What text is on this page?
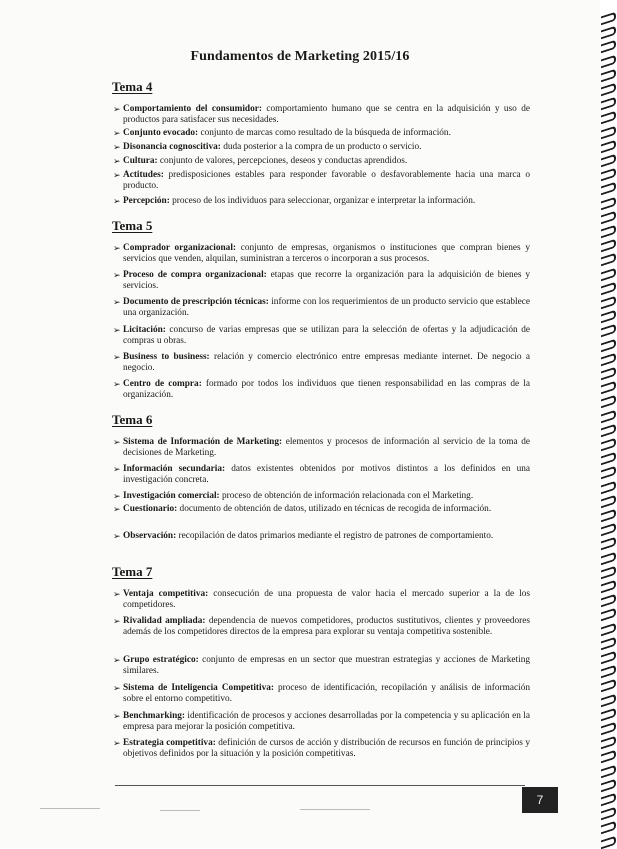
Fundamentos de Marketing 2015/16
Tema 4
➢ Comportamiento del consumidor: comportamiento humano que se centra en la adquisición y uso de productos para satisfacer sus necesidades.
➢ Conjunto evocado: conjunto de marcas como resultado de la búsqueda de información.
➢ Disonancia cognoscitiva: duda posterior a la compra de un producto o servicio.
➢ Cultura: conjunto de valores, percepciones, deseos y conductas aprendidos.
➢ Actitudes: predisposiciones estables para responder favorable o desfavorablemente hacia una marca o producto.
➢ Percepción: proceso de los individuos para seleccionar, organizar e interpretar la información.
Tema 5
➢ Comprador organizacional: conjunto de empresas, organismos o instituciones que compran bienes y servicios que venden, alquilan, suministran a terceros o incorporan a sus procesos.
➢ Proceso de compra organizacional: etapas que recorre la organización para la adquisición de bienes y servicios.
➢ Documento de prescripción técnicas: informe con los requerimientos de un producto servicio que establece una organización.
➢ Licitación: concurso de varias empresas que se utilizan para la selección de ofertas y la adjudicación de compras u obras.
➢ Business to business: relación y comercio electrónico entre empresas mediante internet. De negocio a negocio.
➢ Centro de compra: formado por todos los individuos que tienen responsabilidad en las compras de la organización.
Tema 6
➢ Sistema de Información de Marketing: elementos y procesos de información al servicio de la toma de decisiones de Marketing.
➢ Información secundaria: datos existentes obtenidos por motivos distintos a los definidos en una investigación concreta.
➢ Investigación comercial: proceso de obtención de información relacionada con el Marketing.
➢ Cuestionario: documento de obtención de datos, utilizado en técnicas de recogida de información.
➢ Observación: recopilación de datos primarios mediante el registro de patrones de comportamiento.
Tema 7
➢ Ventaja competitiva: consecución de una propuesta de valor hacia el mercado superior a la de los competidores.
➢ Rivalidad ampliada: dependencia de nuevos competidores, productos sustitutivos, clientes y proveedores además de los competidores directos de la empresa para explorar su ventaja competitiva sostenible.
➢ Grupo estratégico: conjunto de empresas en un sector que muestran estrategias y acciones de Marketing similares.
➢ Sistema de Inteligencia Competitiva: proceso de identificación, recopilación y análisis de información sobre el entorno competitivo.
➢ Benchmarking: identificación de procesos y acciones desarrolladas por la competencia y su aplicación en la empresa para mejorar la posición competitiva.
➢ Estrategia competitiva: definición de cursos de acción y distribución de recursos en función de principios y objetivos definidos por la situación y la posición competitivas.
7
